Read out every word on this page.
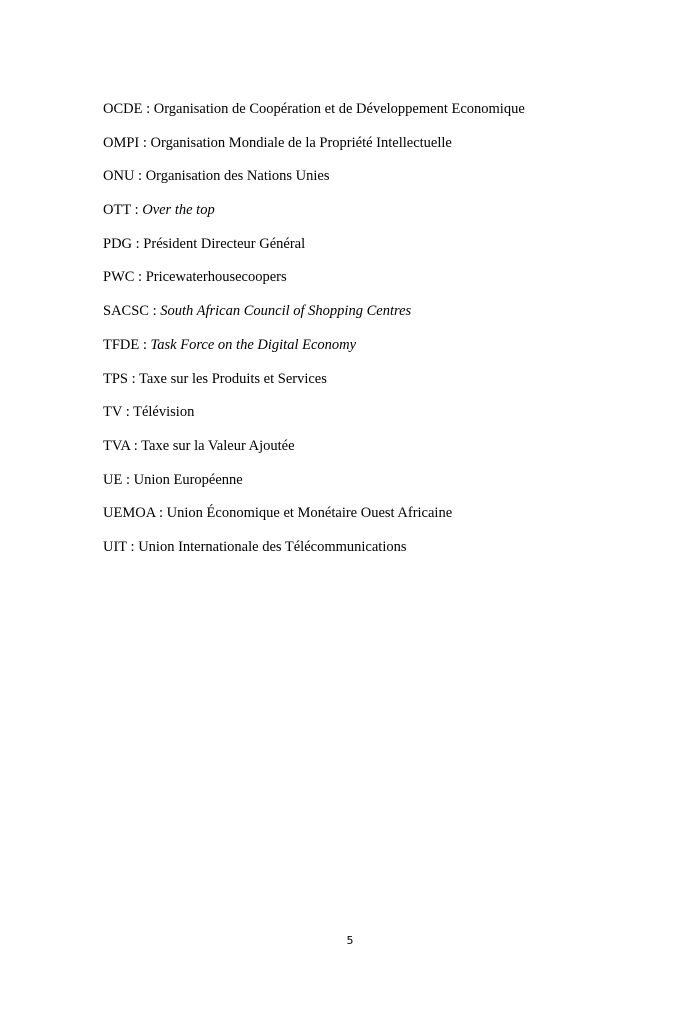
OCDE : Organisation de Coopération et de Développement Economique
OMPI : Organisation Mondiale de la Propriété Intellectuelle
ONU : Organisation des Nations Unies
OTT : Over the top
PDG : Président Directeur Général
PWC : Pricewaterhousecoopers
SACSC : South African Council of Shopping Centres
TFDE : Task Force on the Digital Economy
TPS : Taxe sur les Produits et Services
TV : Télévision
TVA : Taxe sur la Valeur Ajoutée
UE : Union Européenne
UEMOA : Union Économique et Monétaire Ouest Africaine
UIT : Union Internationale des Télécommunications
5
